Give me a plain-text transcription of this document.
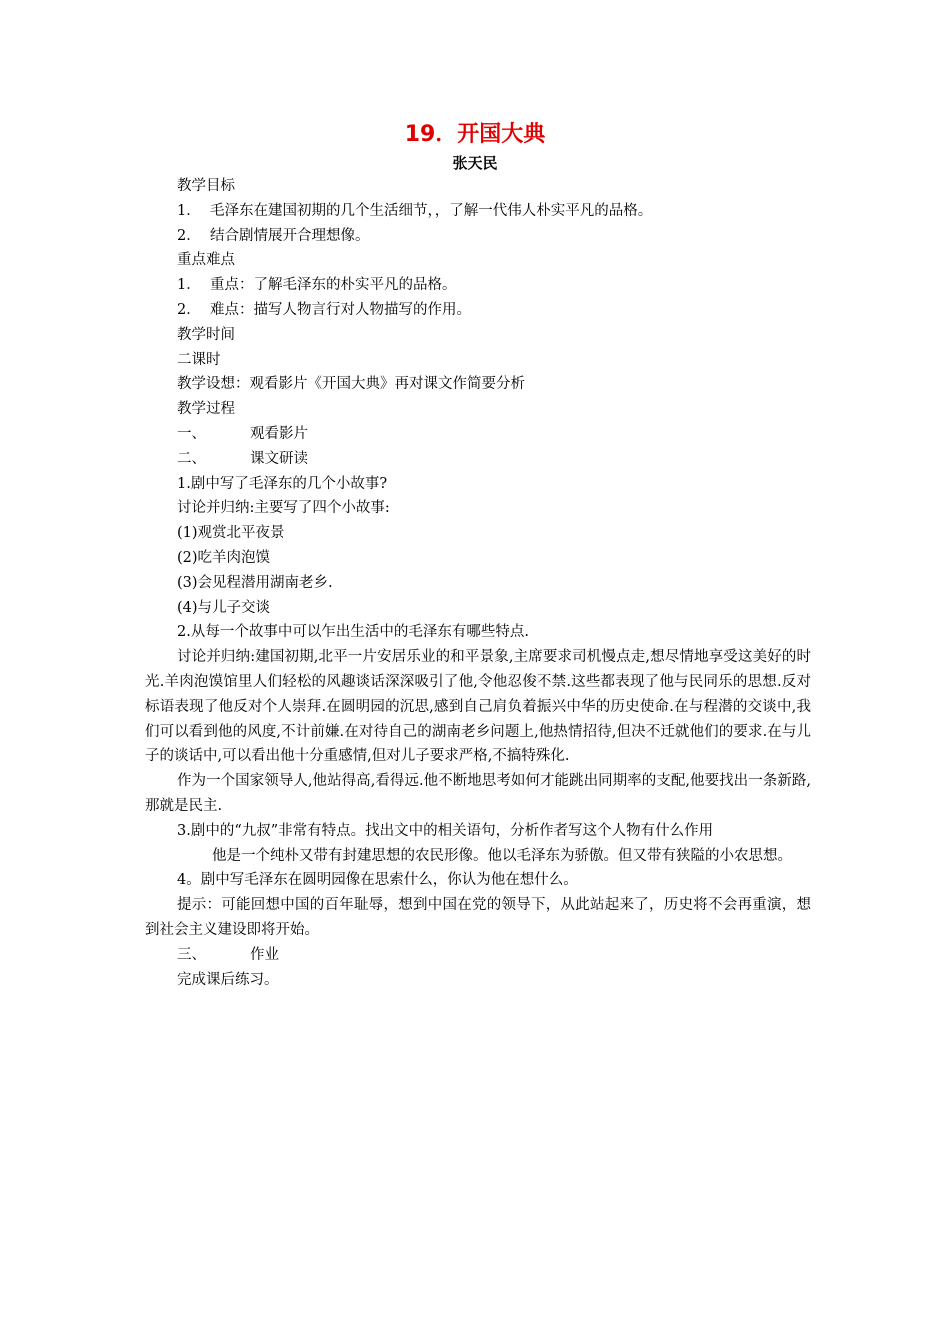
19．开国大典
张天民
教学目标
1．  毛泽东在建国初期的几个生活细节，，了解一代伟人朴实平凡的品格。
2．  结合剧情展开合理想像。
重点难点
1．  重点：了解毛泽东的朴实平凡的品格。
2．  难点：描写人物言行对人物描写的作用。
教学时间
二课时
教学设想：观看影片《开国大典》再对课文作简要分析
教学过程
一、	观看影片
二、	课文研读
1.剧中写了毛泽东的几个小故事?
讨论并归纳:主要写了四个小故事:
(1)观赏北平夜景
(2)吃羊肉泡馍
(3)会见程潜用湖南老乡.
(4)与儿子交谈
2.从每一个故事中可以乍出生活中的毛泽东有哪些特点.
讨论并归纳:建国初期,北平一片安居乐业的和平景象,主席要求司机慢点走,想尽情地享受这美好的时光.羊肉泡馍馆里人们轻松的风趣谈话深深吸引了他,令他忍俊不禁.这些都表现了他与民同乐的思想.反对标语表现了他反对个人崇拜.在圆明园的沉思,感到自己肩负着振兴中华的历史使命.在与程潜的交谈中,我们可以看到他的风度,不计前嫌.在对待自己的湖南老乡问题上,他热情招待,但决不迁就他们的要求.在与儿子的谈话中,可以看出他十分重感情,但对儿子要求严格,不搞特殊化.
作为一个国家领导人,他站得高,看得远.他不断地思考如何才能跳出同期率的支配,他要找出一条新路,那就是民主.
3.剧中的“九叔”非常有特点。找出文中的相关语句，分析作者写这个人物有什么作用
他是一个纯朴又带有封建思想的农民形像。他以毛泽东为骄傲。但又带有狭隘的小农思想。
4。剧中写毛泽东在圆明园像在思索什么，你认为他在想什么。
提示：可能回想中国的百年耻辱，想到中国在党的领导下，从此站起来了，历史将不会再重演，想到社会主义建设即将开始。
三、	作业
完成课后练习。
